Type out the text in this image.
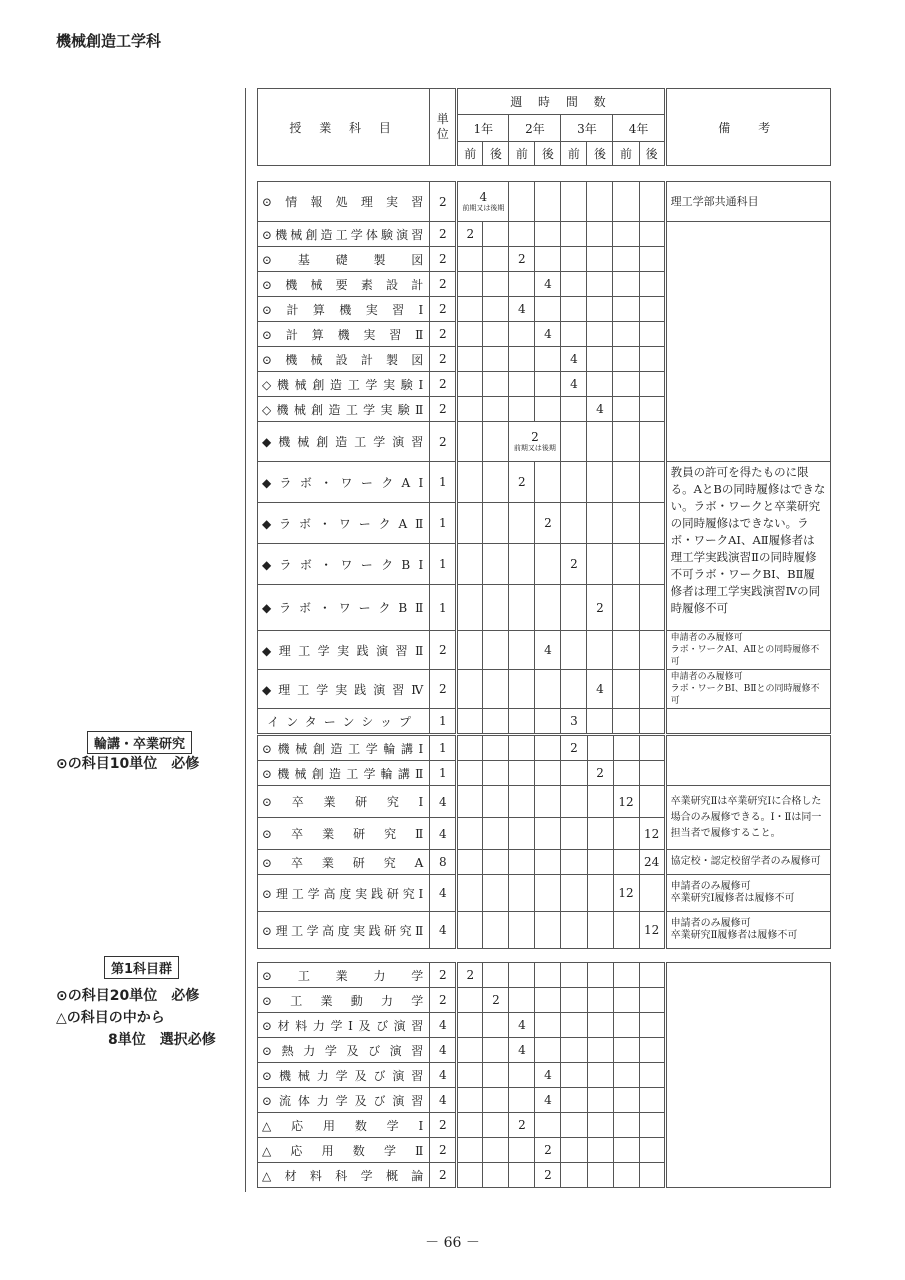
機械創造工学科
輪講・卒業研究
⊙の科目10単位　必修
第1科目群
⊙の科目20単位　必修
△の科目の中から
8単位　選択必修
授 業 科 目	単位	週 時 間 数								備　考
		1年		2年		3年		4年		
		前	後	前	後	前	後	前	後	

⊙情報処理実習	2	4
前期又は後期								理工学部共通科目
⊙機械創造工学体験演習	2	2								
⊙基礎製図	2			2						
⊙機械要素設計	2				4					
⊙計算機実習Ⅰ	2			4						
⊙計算機実習Ⅱ	2				4					
⊙機械設計製図	2					4				
◇機械創造工学実験Ⅰ	2					4				
◇機械創造工学実験Ⅱ	2						4			
◆機械創造工学演習	2			2
前期又は後期						

◆ラボ・ワークAⅠ	1			2						教員の許可を得たものに限る。AとBの同時履修はできない。ラボ・ワークと卒業研究の同時履修はできない。ラボ・ワークAⅠ、AⅡ履修者は理工学実践演習Ⅱの同時履修不可ラボ・ワークBⅠ、BⅡ履修者は理工学実践演習Ⅳの同時履修不可
◆ラボ・ワークAⅡ	1				2					
◆ラボ・ワークBⅠ	1					2				
◆ラボ・ワークBⅡ	1						2			
◆理工学実践演習Ⅱ	2				4					申請者のみ履修可
ラボ・ワークAⅠ、AⅡとの同時履修不可

◆理工学実践演習Ⅳ	2						4			申請者のみ履修可
ラボ・ワークBⅠ、BⅡとの同時履修不可

インターンシップ	1					3				
⊙機械創造工学輪講Ⅰ	1					2				
⊙機械創造工学輪講Ⅱ	1						2			
⊙卒業研究Ⅰ	4							12		卒業研究Ⅱは卒業研究Ⅰに合格した場合のみ履修できる。Ⅰ・Ⅱは同一担当者で履修すること。
⊙卒業研究Ⅱ	4								12	
⊙卒業研究A	8								24	協定校・認定校留学者のみ履修可
⊙理工学高度実践研究Ⅰ	4							12		申請者のみ履修可
卒業研究Ⅰ履修者は履修不可

⊙理工学高度実践研究Ⅱ	4								12	申請者のみ履修可
卒業研究Ⅱ履修者は履修不可
⊙工業力学	2	2								
⊙工業動力学	2		2							
⊙材料力学Ⅰ及び演習	4			4						
⊙熱力学及び演習	4			4						
⊙機械力学及び演習	4				4					
⊙流体力学及び演習	4				4					
△応用数学Ⅰ	2			2						
△応用数学Ⅱ	2				2					
△材料科学概論	2				2					
－ 66 －
